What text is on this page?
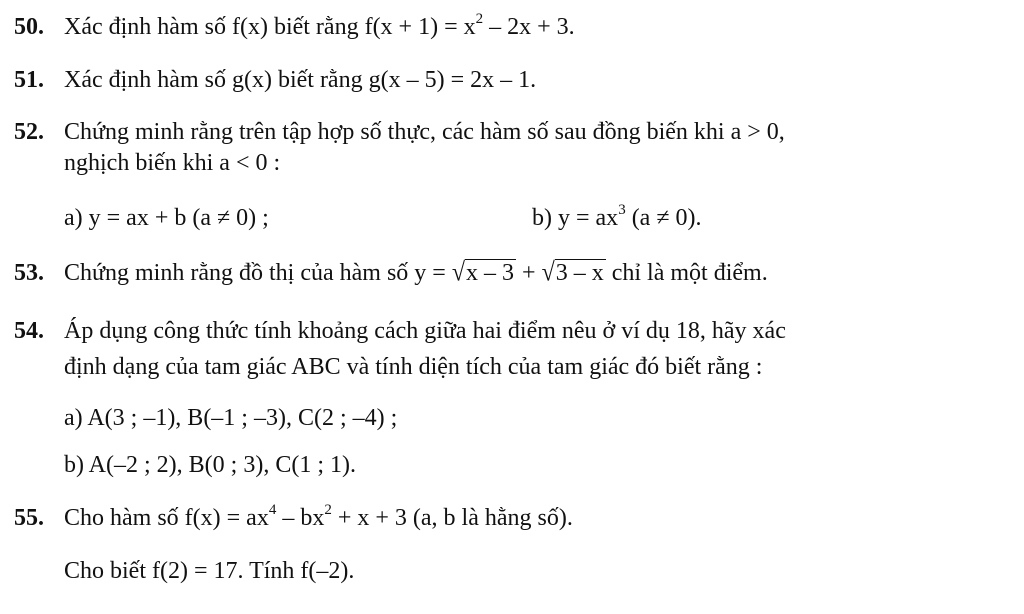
50. Xác định hàm số f(x) biết rằng $f(x + 1) = x^2 - 2x + 3$.
51. Xác định hàm số g(x) biết rằng g(x – 5) = 2x – 1.
52. Chứng minh rằng trên tập hợp số thực, các hàm số sau đồng biến khi a > 0,
nghịch biến khi a < 0 :
a) y = ax + b (a ≠ 0) ;	b) $y = ax^3$ (a ≠ 0).
53. Chứng minh rằng đồ thị của hàm số y = √x – 3 + √3 – x chỉ là một điểm.
54. Áp dụng công thức tính khoảng cách giữa hai điểm nêu ở ví dụ 18, hãy xác
định dạng của tam giác ABC và tính diện tích của tam giác đó biết rằng :
a) A(3 ; –1), B(–1 ; –3), C(2 ; –4) ;
b) A(–2 ; 2), B(0 ; 3), C(1 ; 1).
55. Cho hàm số $f(x) = ax^4 - bx^2 + x + 3$ (a, b là hằng số).
Cho biết f(2) = 17. Tính f(–2).
